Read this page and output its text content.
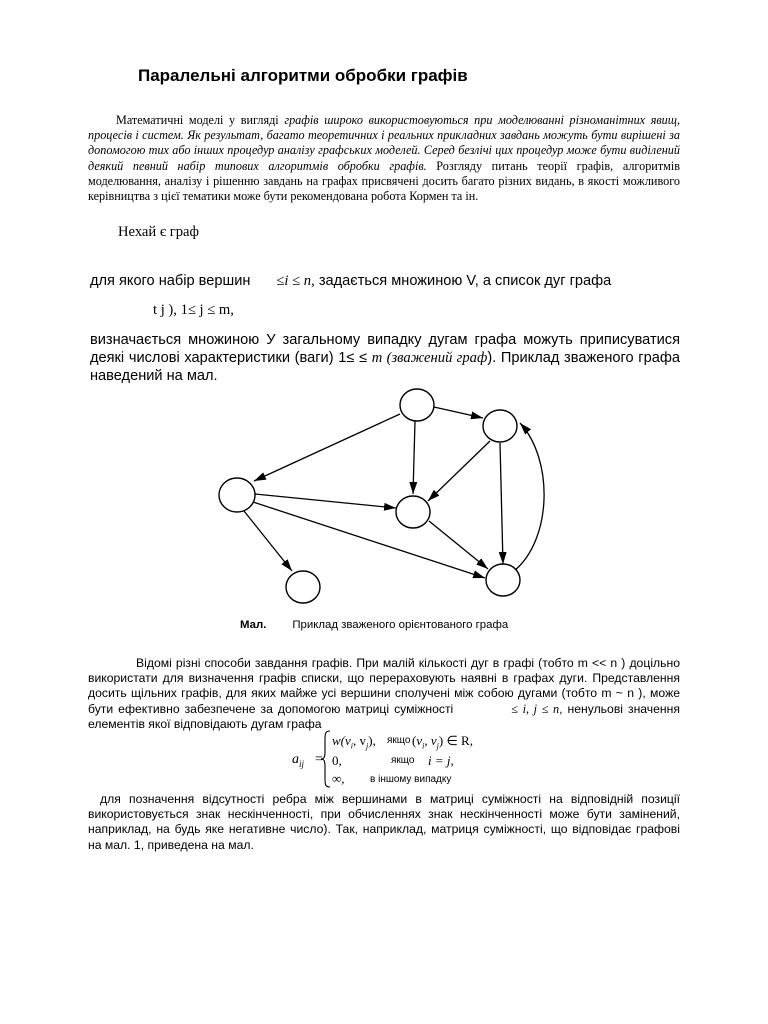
Паралельні алгоритми обробки графів
Математичні моделі у вигляді графів широко використовуються при моделюванні різноманітних явищ, процесів і систем. Як результат, багато теоретичних і реальних прикладних завдань можуть бути вирішені за допомогою тих або інших процедур аналізу графських моделей. Серед безлічі цих процедур може бути виділений деякий певний набір типових алгоритмів обробки графів. Розгляду питань теорії графів, алгоритмів моделювання, аналізу і рішенню завдань на графах присвячені досить багато різних видань, в якості можливого керівництва з цієї тематики може бути рекомендована робота Кормен та ін.
Нехай є граф
для якого набір вершин ≤i ≤ n, задається множиною V, а список дуг графа
t j ), 1≤ j ≤ m,
визначається множиною У загальному випадку дугам графа можуть приписуватися деякі числові характеристики (ваги) 1≤ ≤ m (зважений граф). Приклад зваженого графа наведений на мал.
Мал. Приклад зваженого орієнтованого графа
Відомі різні способи завдання графів. При малій кількості дуг в графі (тобто m << n ) доцільно використати для визначення графів списки, що перераховують наявні в графах дуги. Представлення досить щільних графів, для яких майже усі вершини сполучені між собою дугами (тобто m ~ n ), може бути ефективно забезпечене за допомогою матриці суміжності	≤ i, j ≤ n, ненульові значення елементів якої відповідають дугам графа
$a_{ij}$ =
$w(v_i$, $v_j$), якщо ($v_i$, $v_j$) ∈ R,
0,	якщо i = j,
∞,	в іншому випадку
для позначення відсутності ребра між вершинами в матриці суміжності на відповідній позиції використовується знак нескінченності, при обчисленнях знак нескінченності може бути замінений, наприклад, на будь яке негативне число). Так, наприклад, матриця суміжності, що відповідає графові на мал. 1, приведена на мал.
